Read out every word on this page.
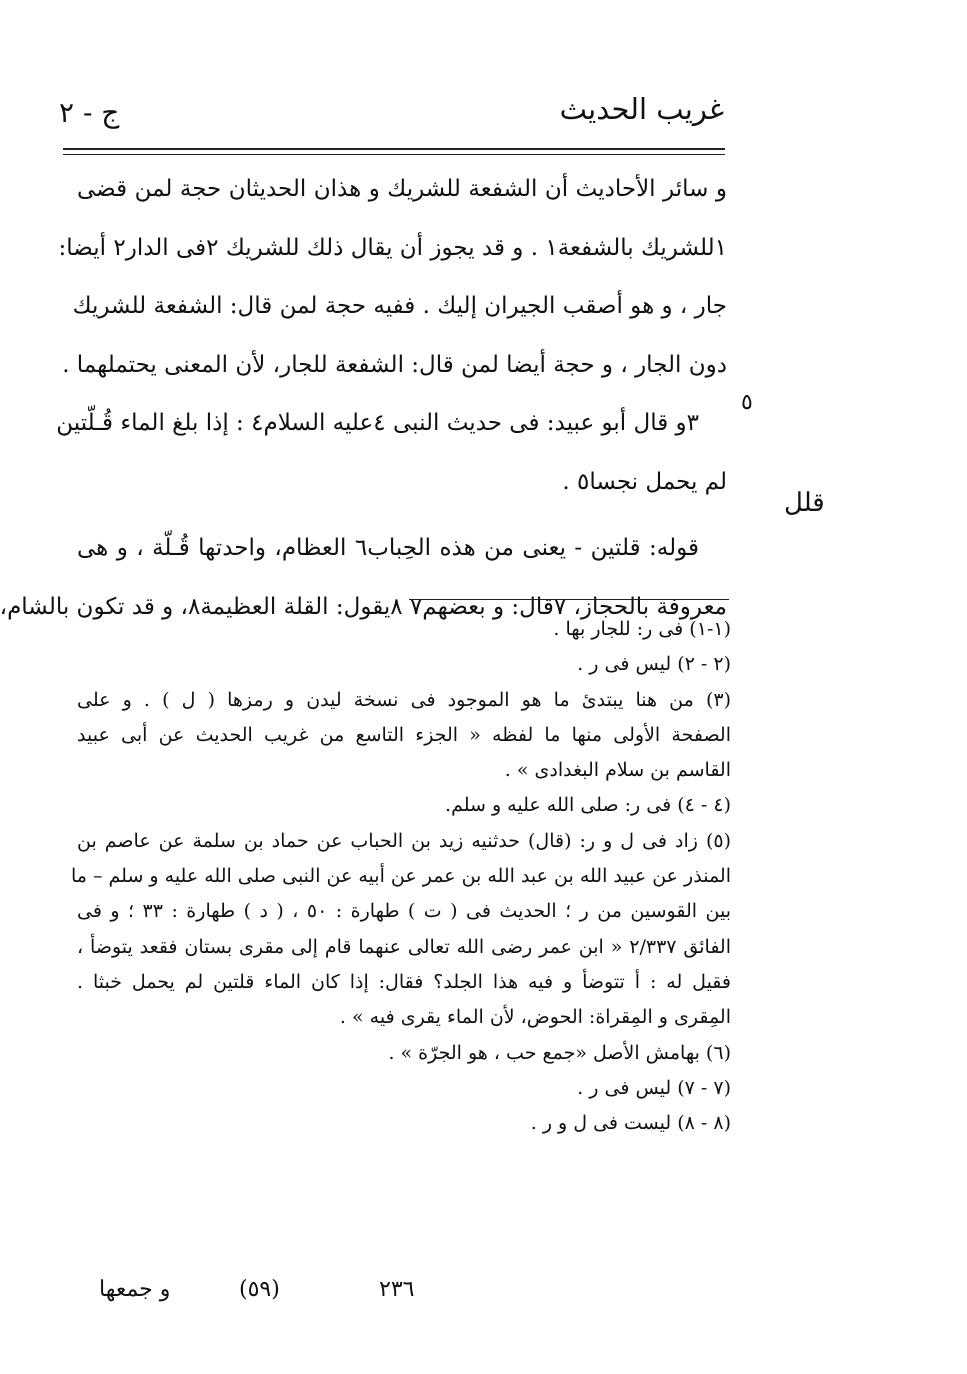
غريب الحديث
ج - ٢
و سائر الأحاديث أن الشفعة للشريك و هذان الحديثان حجة لمن قضى
١للشريك بالشفعة١ . و قد يجوز أن يقال ذلك للشريك ٢فى الدار٢ أيضا:
جار ، و هو أصقب الجيران إليك . ففيه حجة لمن قال: الشفعة للشريك
دون الجار ، و حجة أيضا لمن قال: الشفعة للجار، لأن المعنى يحتملهما .
٣و قال أبو عبيد: فى حديث النبى ٤عليه السلام٤ : إذا بلغ الماء قُـلّتين
لم يحمل نجسا٥ .
قوله: قلتين - يعنى من هذه الحِباب٦ العظام، واحدتها قُـلّة ، و هى
معروفة بالحجاز، ٧قال: و بعضهم٧ ٨يقول: القلة العظيمة٨، و قد تكون بالشام،
٥
قلل
(١-١) فى ر: للجار بها .
(٢ - ٢) ليس فى ر .
(٣) من هنا يبتدئ ما هو الموجود فى نسخة ليدن و رمزها ( ل ) . و على
الصفحة الأولى منها ما لفظه « الجزء التاسع من غريب الحديث عن أبى عبيد
القاسم بن سلام البغدادى » .
(٤ - ٤) فى ر: صلى الله عليه و سلم.
(٥) زاد فى ل و ر: (قال) حدثنيه زيد بن الحباب عن حماد بن سلمة عن عاصم بن
المنذر عن عبيد الله بن عبد الله بن عمر عن أبيه عن النبى صلى الله عليه و سلم – ما
بين القوسين من ر ؛ الحديث فى ( ت ) طهارة : ٥٠ ، ( د ) طهارة : ٣٣ ؛ و فى
الفائق ٢/٣٣٧ « ابن عمر رضى الله تعالى عنهما قام إلى مقرى بستان فقعد يتوضأ ،
فقيل له : أ تتوضأ و فيه هذا الجلد؟ فقال: إذا كان الماء قلتين لم يحمل خبثا .
المِقرى و المِقراة: الحوض، لأن الماء يقرى فيه » .
(٦) بهامش الأصل «جمع حب ، هو الجرّة » .
(٧ - ٧) ليس فى ر .
(٨ - ٨) ليست فى ل و ر .
٢٣٦
(٥٩)
و جمعها
